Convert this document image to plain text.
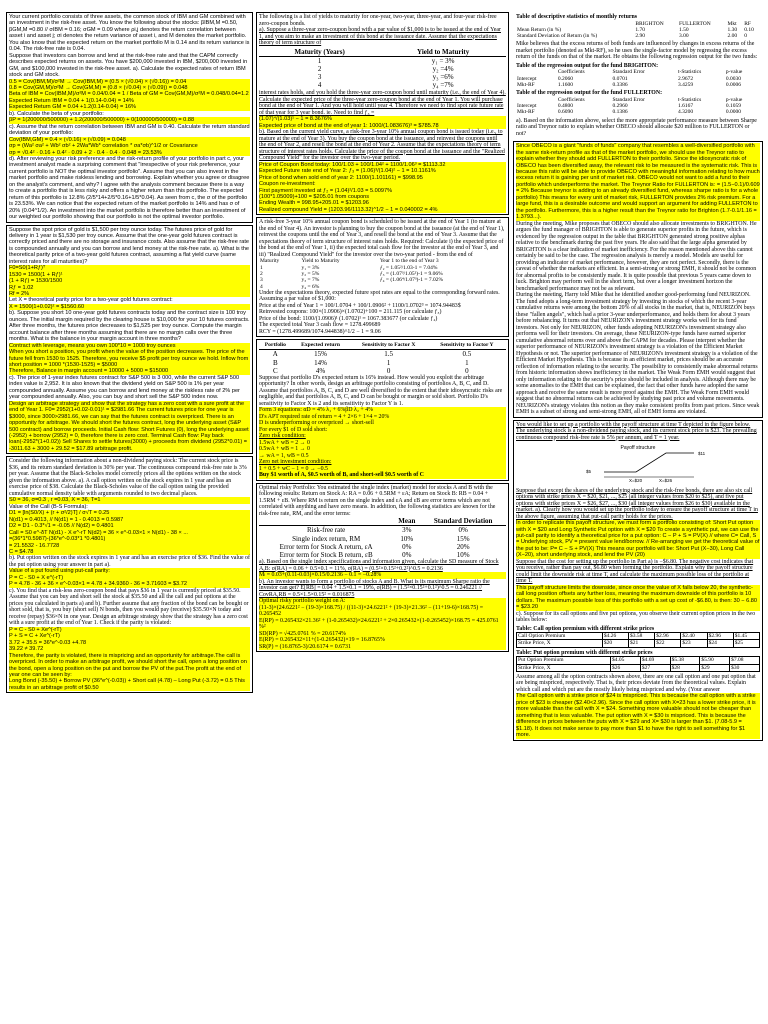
Your current portfolio consists of three assets, the common stock of IBM and GM combined with an investment in the risk-free asset. You know the following about the stocks: βIBM,M =0.50, βGM,M =0.80 // σIBM = 0.16; σGM = 0.09 where ρi,j denotes the return correlation between asset i and asset j; σi denotes the return variance of asset i, and M denotes the market portfolio. You also know that the expected return on the market portfolio M is 0.14 and its return variance is 0.04. The risk-free rate is 0.04.

Suppose that investors can borrow and lend at the risk-free rate and that the CAPM correctly describes expected returns on assets. You have $200,000 invested in IBM, $200,000 invested in GM, and $100,000 invested in the risk-free asset. a). Calculate the expected rates of return IBM stock and GM stock.

0.5 = Cov(IBM,M)/σ²M → Cov(IBM,M) = (0.5 × (√0.04) × (√0.16)) = 0.04

0.8 = Cov(GM,M)/σ²M → Cov(GM,M) = (0.8 × (√0.04) × (√0.09)) = 0.048

Beta of IBM = Cov(IBM,M)/σ²M = 0.04/0.04 = 1 / Beta of GM = Cov(GM,M)/σ²M = 0.048/0.04=1.2

Expected Return IBM = 0.04 + 1(0.14-0.04) = 14%

Expected Return GM = 0.04 +1.2(0.14-0.04) = 16%

b). Calculate the beta of your portfolio:

βP = 1(200000/500000) + 1.2(200000/500000) + 0(100000/500000) = 0.88

c). Assume that the return correlation between IBM and GM is 0.40. Calculate the return standard deviation of your portfolio:

Cov(IBM,GM) = 0.4 × (√0.16) × (√0.09) = 0.048

σp = (Wa² σa² + Wb² σb² + 2Wa*Wb* correlation * σa*σb)^1/2 or Covariance

σp = √0.4² · 0.16 + 0.4² · 0.09 + 2 · 0.4 · 0.4 · 0.048 = 23.53%

d). After reviewing your risk preference and the risk-return profile of your portfolio in part c, your investment analyst made a surprising comment that "irrespective of your risk preference, your current portfolio is NOT the optimal investor portfolio". Assume that you can also invest in the market portfolio and make riskless lending and borrowing. Explain whether you agree or disagree on the analyst's comment, and why? I agree with the analysis comment because there is a way to create a portfolio that is less risky and offers a higher return than this portfolio. The expected return of this portfolio is 12.8% (2/5*14+2/5*0.16+1/5*0.04). As seen from c, the σ of the portfolio is 23.53%. We can notice that the expected return of the market portfolio is 14% and has σ of 20% (0.04^1/2). An investment into the market portfolio is therefore better than an investment of our weighted our portfolio showing that our portfolio is not the optimal investor portfolio.

Suppose the spot price of gold is $1,500 per troy ounce today. The futures price of gold for delivery in 1 year is $1,530 per troy ounce. Assume that the one-year gold futures contract is correctly priced and there are no storage and insurance costs. Also assume that the risk-free rate is compounded annually and you can borrow and lend money at the risk-free rate. a). What is the theoretical parity price of a two-year gold futures contract, assuming a flat yield curve (same interest rates for all maturities)?

F0=S0(1+Rƒ)ᵀ

1530 = 1500(1 + Rƒ)¹

(1 + Rƒ) = 1530/1500

Rƒ = 1.02

Rf = 2%

Let X = theoretical parity price for a two-year gold futures contract:

X = 1500(1+0.02)² = $1560.60

b). Suppose you short 10 one-year gold futures contracts today and the contract size is 100 troy ounces. The initial margin required by the clearing house is $10,000 for your 10 futures contracts. After three months, the futures price decreases to $1,525 per troy ounce. Compute the margin account balance after three months assuming that there are no margin calls over the three months. What is the balance in your margin account in three months?

Contract with leverage, means you own 100*10 = 1000 troy ounces

When you short a position, you profit when the value of the position decreases. The price of the future fell from 1530 to 1525. Therefore, you receive $5 profit per troy ounce we hold. Inflow from short position = 1000 *(1530-1525) = $5000

Therefore, Balance in margin account = 10000 + 5000 = $15000

c). The price of 1-year index futures contract for S&P 500 is 3 000, while the current S&P 500 index value is 2,952. It is also known that the dividend yield on S&P 500 is 1% per year compounded annually. Assume you can borrow and lend money at the riskless rate of 2% per year compounded annually. Also, you can buy and short sell the S&P 500 index now.

Design an arbitrage strategy and show that the strategy has a zero cost with a sure profit at the end of Year 1. F0= 2952(1+0.02-0.01)¹ = $2981.66 The current futures price for one year is $3000, since 3000>2981.66, we can say that the futures contract is overpriced. There is an opportunity for arbitrage. We should short the futures contract, long the underlying asset (S&P 500 contract) and borrow proceeds. Initial Cash flow: Short Futures (0), long the underlying asset (-2952) + borrow (2952) = 0, therefore there is zero cost. Terminal Cash flow: Pay back loan(-2952*(1+0.02)) Sell Shares to settle futures(3000) + proceeds from dividend (2952*0.01) = -3011.63 + 3000 + 29.52 = $17.89 arbitrage profit.

Consider the following information about a non-dividend paying stock: The current stock price is $36, and its return standard deviation is 30% per year. The continuous compound risk-free rate is 3% per year. Assume that the Black-Scholes model correctly prices all the options written on the stock given the information above. a). A call option written on the stock expires in 1 year and has an exercise price of $38. Calculate the Black-Scholes value of the call option using the provided cumulative normal density table with arguments rounded to two decimal places.

S0 = 36, σ=0.3 , r =0.03, X = 36, T=1

Value of the Call (B-S Formula):

D1 = [ln(S0/X) + (r + σ²/2)T] / σ√T = 0.25

N(d1) = 0.4013, // N(d1) = 1 - 0.4013 = 0.5987

D2 = D1 - 0.3*√1 = -0.05 // N(d2) = 0.4801

Call = S0 e^-δT N(d1) - X e^-rT N(d2) = 36 × e^-0.03×1 × N(d1) - 38 × ...

=(36*1*0.5987)-(36*e^-0.03*1 *0.4801)

= 21.5532 - 16.7728

C = $4.78

b). Put option written on the stock expires in 1 year and has an exercise price of $36. Find the value of the put option using your answer in part a).

Value of a put found using put-call parity:

P = C - S0 + X e^(-rT)

P = 4.78 - 36 + 36 × e^-0.03×1 = 4.78 + 34.9360 - 36 = 3.71603 = $3.72

c). You find that a risk-less zero-coupon bond that pays $36 in 1 year is currently priced at $35.50. Assume that you can buy and short sell the stock at $35.50 and all the call and put options at the prices you calculated in parts a) and b). Further assume that any fraction of the bond can be bought or short sold, that is, you buy (short sell) N bonds, then you would pay (receive) $35.50×N today and receive (repay) $36×N in one year. Design an arbitrage strategy show that the strategy has a zero cost with a sure profit at the end of Year 1. Check if the parity is violated:

P = C - S0 + Xe^(-rT)

P + S = C + Xe^(-rT)

3.72 + 35.5 = 36*e^-0.03 +4.78

39.22 ≠ 39.72

Therefore, the parity is violated, there is mispricing and an opportunity for arbitrage.The call is overpriced. In order to make an arbitrage profit, we should short the call, open a long position on the bond, open a long position on the put and borrow the PV of the put.The profit at the end of year one can be seen by:

Long Bond (-35.50) + Borrow PV (36*e^(-0.03)) + Short call (4.78) – Long Put (-3.72) = 0.5 This results in an arbitrage profit of $0.50

The following is a list of yields to maturity for one-year, two-year, three-year, and four-year risk-free zero-coupon bonds.

a). Suppose a three-year zero-coupon bond with a par value of $1,000 is to be issued at the end of Year 1, and you aim to make an investment of this bond at the issuance date. Assume that the expectations theory of term structure of

Maturity (Years)	Yield to Maturity
1	y₁ = 3%
2	y₂ =4%
3	y₃ =6%
4	y₄ =7%

interest rates holds, and you hold the three-year zero-coupon bond until maturity (i.e., the end of Year 4). Calculate the expected price of the three-year zero-coupon bond at the end of Year 1. You will purchase bond at the end of Year 1. And you will hold until year 4. Therefore we need to find spot rate future rate of that year for 3 year bond. ie. Need to find ƒ₃ =

(1.07)⁴/(1.03)¹ − 1 = 8.3676%

Expected price of bond at the end of year 1: 1000/(1.083676)³ = $785.78

b). Based on the current yield curve, a risk-free 3-year 10% annual coupon bond is issued today (i.e., to mature at the end of Year 3). You buy the coupon bond at the issuance, and reinvest the coupons until the end of Year 2, and resell the bond at the end of Year 2. Assume that the expectations theory of term structure of interest rates holds. Calculate the price of the coupon bond at the issuance and the "Realized Compound Yield" for the investor over the two-year period.

Price of Coupon Bond today: 100/1.03 + 100/1.04² + 1100/1.06³ = $1113.32

Expected Future rate end of Year 2: ƒ₃ = (1.06)³/(1.04)² − 1 = 10.1161%

Price of bond when sold end of year 2: 1100/(1.101161) = $998.95

Coupon re-investment:

First payment invested at ƒ₂ = (1.04)²/1.03 = 5.0097%

(100*1.05009)+100 = $205.01 from coupons

Ending Wealth = 998.95+205.01 = $1203.96

Realized compound Yield = (1203.96/1113.32)^1/2 − 1 = 0.040002 = 4%

A risk-free 3-year 10% annual coupon bond is scheduled to be issued at the end of Year 1 (to mature at the end of Year 4). An investor is planning to buy the coupon bond at the issuance (at the end of Year 1), reinvest the coupons until the end of Year 3, and resell the bond at the end of Year 3. Assume that the expectations theory of term structure of interest rates holds. Required: Calculate i) the expected price of the bond at the end of Year 1, ii) the expected total cash flow for the investor at the end of Year 3, and iii) "Realized Compound Yield" for the investor over the two-year period - from the end of

Maturity	Yield to Maturity	Year 1 to the end of Year 3
1	y₁ = 3%	ƒ₂ = 1.05²/1.03-1 = 7.04%
2	y₂ = 5%	ƒ₃ = (1.07³/1.05²)-1 = 9.06%
3	y₃ = 7%	ƒ₄ = (1.06⁴/1.07³)-1 = 7.02%
4	y₄ = 6%	

Under the expectations theory, expected future spot rates are equal to the corresponding forward rates. Assuming a par value of $1,000:

Price at the end of Year 1 = 100/1.0704 + 100/1.0906² + 1100/1.0702³ = 1074.94483$

Reinvested coupons: 100×(1.0906)×(1.0702)+100 = 211.115 (or calculate ƒ₃)

Price of the bond: 1100/(1.0906)¹ (1.0702)¹ = 1067.383677 (or calculate ƒ₄)

The expected total Year 3 cash flow = 1278.499689

RCY = (1278.499689/1074.944838)^1/2 − 1 = 9.06

Portfolio	Expected return	Sensitivity to Factor X	Sensitivity to Factor Y
A	15%	1.5	0.5
B	14%	1	1
C	4%	0	0

Suppose that portfolio D's expected return is 16% instead. How would you exploit the arbitrage opportunity? In other words, design an arbitrage portfolio consisting of portfolios A, B, C, and D. Assume that portfolios A, B, C, and D are well diversified to the extent that their idiosyncratic risks are negligible, and that portfolios A, B, C, and D can be bought or margin or sold short. Portfolio D's sensitivity to Factor X is 2 and its sensitivity to Factor Y is 1.

Form 3 equations: αD = 4% λ₁ + 6%βD λ₂ + 4%

D's APT required rate of return = 4 + 2×6 + 1×4 = 20%

D is underperforming or overpriced → short-sell

For every $1 of D sold short:

Zero risk condition:

1.5wA + wB = 2 → 0

0.5wA + wB = 1 → 0

→ wA = 1, wB = 0.5

Zero net investment condition:

1 + 0.5 + wC − 1 = 0 → −0.5

Buy $1 worth of A, $0.5 worth of B, and short-sell $0.5 worth of C

Optimal risky Portfolio: You estimated the single index (market) model for stocks A and B with the following results: Return on Stock A: RA = 0.06 + 0.5RM + εA; Return on Stock B: RB = 0.04 + 1.5RM + εB. Where RM is return on the single index and εA and εB are error terms which are not correlated with anything and have zero means. In addition, the following statistics are known for the risk-free rate, RM, and the error terms:

	Mean	Standard Deviation
Risk-free rate	3%	0%
Single index return, RM	10%	15%
Error term for Stock A return, εA	0%	20%
Error term for Stock B return, εB	0%	10%

a). Based on the single index specifications and information given, calculate the SD measure of Stock A,B: σ(RA) = 0.06 + 0.5×0.1 = 11%, σ(RA) = (0.5²×0.15²+0.2²)^0.5 = 0.2136

Mₗ = 0.03+(0.11-0.03)×0.15/0.2136 − 0.1 = −0.28%

b). An investor wants to form a portfolio of stocks A and B. What is its maximum Sharpe ratio the investor can get? E[RB] = 0.04 + 1.5×0.1 = 19%, σ(RB) = (1.5²×0.15²+0.1²)^0.5 = 0.246221 // CovRA,RB = 0.5×1.5×0.15² = 0.016875

Optimal risky portfolio weight on A:

(11-3)×(24.6221² − (19-3)×168.75) / ((11-3)×24.6221² + (19-3)×21.36² − (11+19-6)×168.75) = 0.265452

E(RP) = 0.265432×21.36² + (1-0.265432)×24.6221² + 2×0.265432×(1-0.265452)×168.75 = 425.0761 %²

SD(RP) = √425.0761 % = 20.6174%

E(RP) = 0.265432×11+(1-0.265432)×19 = 16.8765%

SR(P) = (16.8765-3)/20.6174 = 0.6731

Table of descriptive statistics of monthly returns

	BRIGHTON	FULLERTON	Mkt	RF
Mean Return (in %)	1.70	1.50	1.30	0.10
Standard Deviation of Return (in %)	2.90	3.00	2.00	0

Mike believes that the excess returns of both funds are influenced by changes in excess returns of the market portfolio (denoted as Mkt-RF), so he uses the single-factor model by regressing the excess return of the funds on that of the market. He obtains the following regression output for the two funds:

Table of the regression output for the fund BRIGHTON:

	Coefficients	Standard Error	t-Statistics	p-value
Intercept	0.2060	0.0701	2.9672	0.0030
Mkt-RF	1.1600	0.3386	3.4259	0.0006

Table of the regression output for the fund FULLERTON:

	Coefficients	Standard Error	t-Statistics	p-value
Intercept	0.4800	0.2960	1.6167	0.1059
Mkt-RF	0.6090	0.1386	4.3200	0.0000

a). Based on the information above, select the more appropriate performance measure between Sharpe ratio and Treynor ratio to explain whether OBECO should allocate $20 million to FULLERTON or not?

Since OBECO is a giant "funds of funds" company that resembles a well-diversified portfolio with the same risk-return profile as that of the market portfolio, we should use the Treynor ratio to explain whether they should add FULLERTON to their portfolio. Since the idiosyncratic risk of OBECO has been diversified away, the relevant risk to be measured is the systematic risk. This is because this ratio will be able to provide OBECO with meaningful information relating to how much excess return it is gaining per unit of market risk. OBECO would not want to add a fund to their portfolio which underperforms the market. The Treynor Ratio for FULLERTON is: = (1.5−0.1)/0.609 = 2% Because treynor is adding to an already diversified fund, whereas sharpe ratio is for a whole portfolio) This means for every unit of market risk, FULLERTON provides 2% risk premium. For a large fund, this is a desirable outcome and would support an argument for adding FULLERTON to the portfolio. Furthermore, this is a higher result than the Treynor ratio for Brighton (1.7-0.1/1.16 = 1.3793...).

During the meeting, Mike proposes that OBECO should also allocate investments to BRIGHTON. He argues the fund manager of BRIGHTON is able to generate superior profits in the future, which is evidenced by the regression output in the table that BRIGHTON generated strong positive alphas relative to the benchmark during the past five years. He also said that the large alpha generated by BRIGHTON is a clear indication of market inefficiency. For the reason mentioned above this cannot certainly be said to be the case. The regression analysis is merely a model. Models are useful for providing an indicator of market performance, however, they are not perfect. Secondly, there is the caveat of whether the markets are efficient. In a semi-strong or strong EMH, it should not be common for abnormal profits to be consistently made. It is quite possible that previous 5 years came down to luck. Brighton may perform well in the short term, but over a longer investment horizon the benchmarked performance may not be as relevant.

During the meeting, Harry told Mike that he identified another good-performing fund NEURIZON. The fund adopts a long-term investment strategy by investing in stocks of which the recent 3-year cumulative returns were among the bottom 20% of all stocks in the market, that is, NEURIZON buys these "fallen angels", which had a prior 3-year underperformance, and holds them for about 3 years before rebalancing. It turns out that NEURIZON's investment strategy works well for its fund investors. Not only for NEURIZON, other funds adopting NEURIZON's investment strategy also performs well for their investors. On average, these NEURIZON-type funds have earned superior cumulative abnormal returns over and above the CAPM for decades. Please interpret whether the superior performance of NEURIZON's investment strategy is a violation of the Efficient Market Hypothesis or not. The superior performance of NEURIZON's investment strategy is a violation of the Efficient Market Hypothesis. This is because in an efficient market, prices should be an accurate reflection of information relating to the security. The possibility to consistently make abnormal returns from historic information shows inefficiency in the market. The Weak Form EMH would suggest that only information relating to the security's price should be included in analysis. Although there may be some anomalies to the EMH that can be explained, the fact that other funds have adopted the same approach and receive the same result is more proof against the EMH. The Weak Form EMH would suggest that no abnormal returns can be achieved by studying past price and volume movements. NEURIZON's strategy violates this notion as they make consistent profits from past prices. Since weak EMH is a subset of strong and semi-strong EMH, all of EMH forms are violated.

You would like to set up a portfolio with the payoff structure at time T depicted in the figure below. The underlying stock is a non-dividend paying stock, and its current stock price is $23. The prevailing continuous compound risk-free rate is 5% per annum, and T = 1 year.

Payoff structure
$11
$5
X=$20	X=$26

Suppose that except the shares of the underlying stock and the risk-free bonds, there are also six call options with strike prices X = $20, $21, ..., $25 (all integer values from $20 to $25), and five put options with strike prices X = $26, $27, ..., $30 (all integer values from $26 to $30) available in the market. a). Clearly how you would set up the portfolio today to ensure the payoff structure at time T in the above figure, assuming that put-call parity holds for the prices.

In order to replicate this payoff structure, we must form a portfolio consisting of: Short Put option with X = $20 and Long Synthetic Put option with X = $20 To create a synthetic put, we can use the put-call parity to identify a theoretical price for a put option: C − P + S = PV(X) // where C= Call, S = Underlying stock, PV = present value lend/borrow. // Re-arranging we get the theoretical value of the put to be: P= C − S + PV(X) This means our portfolio will be: Short Put (X−30), Long Call (X−20), short underlying stock, and lend the PV (20)

Suppose that the cost for setting up the portfolio in Part a) is −$6.80. The negative cost indicates that you receive, rather than pay out, $6.80 when forming the portfolio. Explain why the payoff structure could limit the downside risk at time T, and calculate the maximum possible loss of the portfolio at time T.

This payoff structure limits the downside, since once the value of X falls below 20, the synthetic-call long position offsets any further loss, meaning the maximum downside of this portfolio is 10 dollars. The maximum possible loss of this portfolio with a set up cost of -$6.80, is then: 30 − 6.80 = $23.20

c). Suppose for its call options and five put options, you observe their current option prices in the two tables below:

Table: Call option premium with different strike prices

Call Option Premium	$4.26	$3.58	$2.96	$2.40	$2.96	$1.45
Strike Price, X	$20	$21	$22	$23	$24	$25

Table: Put option premium with different strike prices

Put Option Premium	$4.05	$4.69	$5.38	$5.90	$7.08
Strike Price, X	$26	$27	$28	$29	$30

Assume among all the option contracts shown above, there are one call option and one put option that are being mispriced, respectively. That is, their prices deviate from the theoretical values. Explain which call and which put are the mostly likely being mispriced and why. (Your answer

The Call option with a strike price of $24 is mispriced. This is because the call option with a strike price of $23 is cheaper ($2.40<2.96). Since the call option with X=23 has a lower strike price, it is more valuable than the call with X = $24. Something more valuable should not be cheaper than something that is less valuable. The put option with X = $30 is mispriced. This is because the difference in prices between the puts with X = $29 and X= $30 is larger than $1. (7.08-5.9 = $1.18). It does not make sense to pay more than $1 to have the right to sell something for $1 more.
